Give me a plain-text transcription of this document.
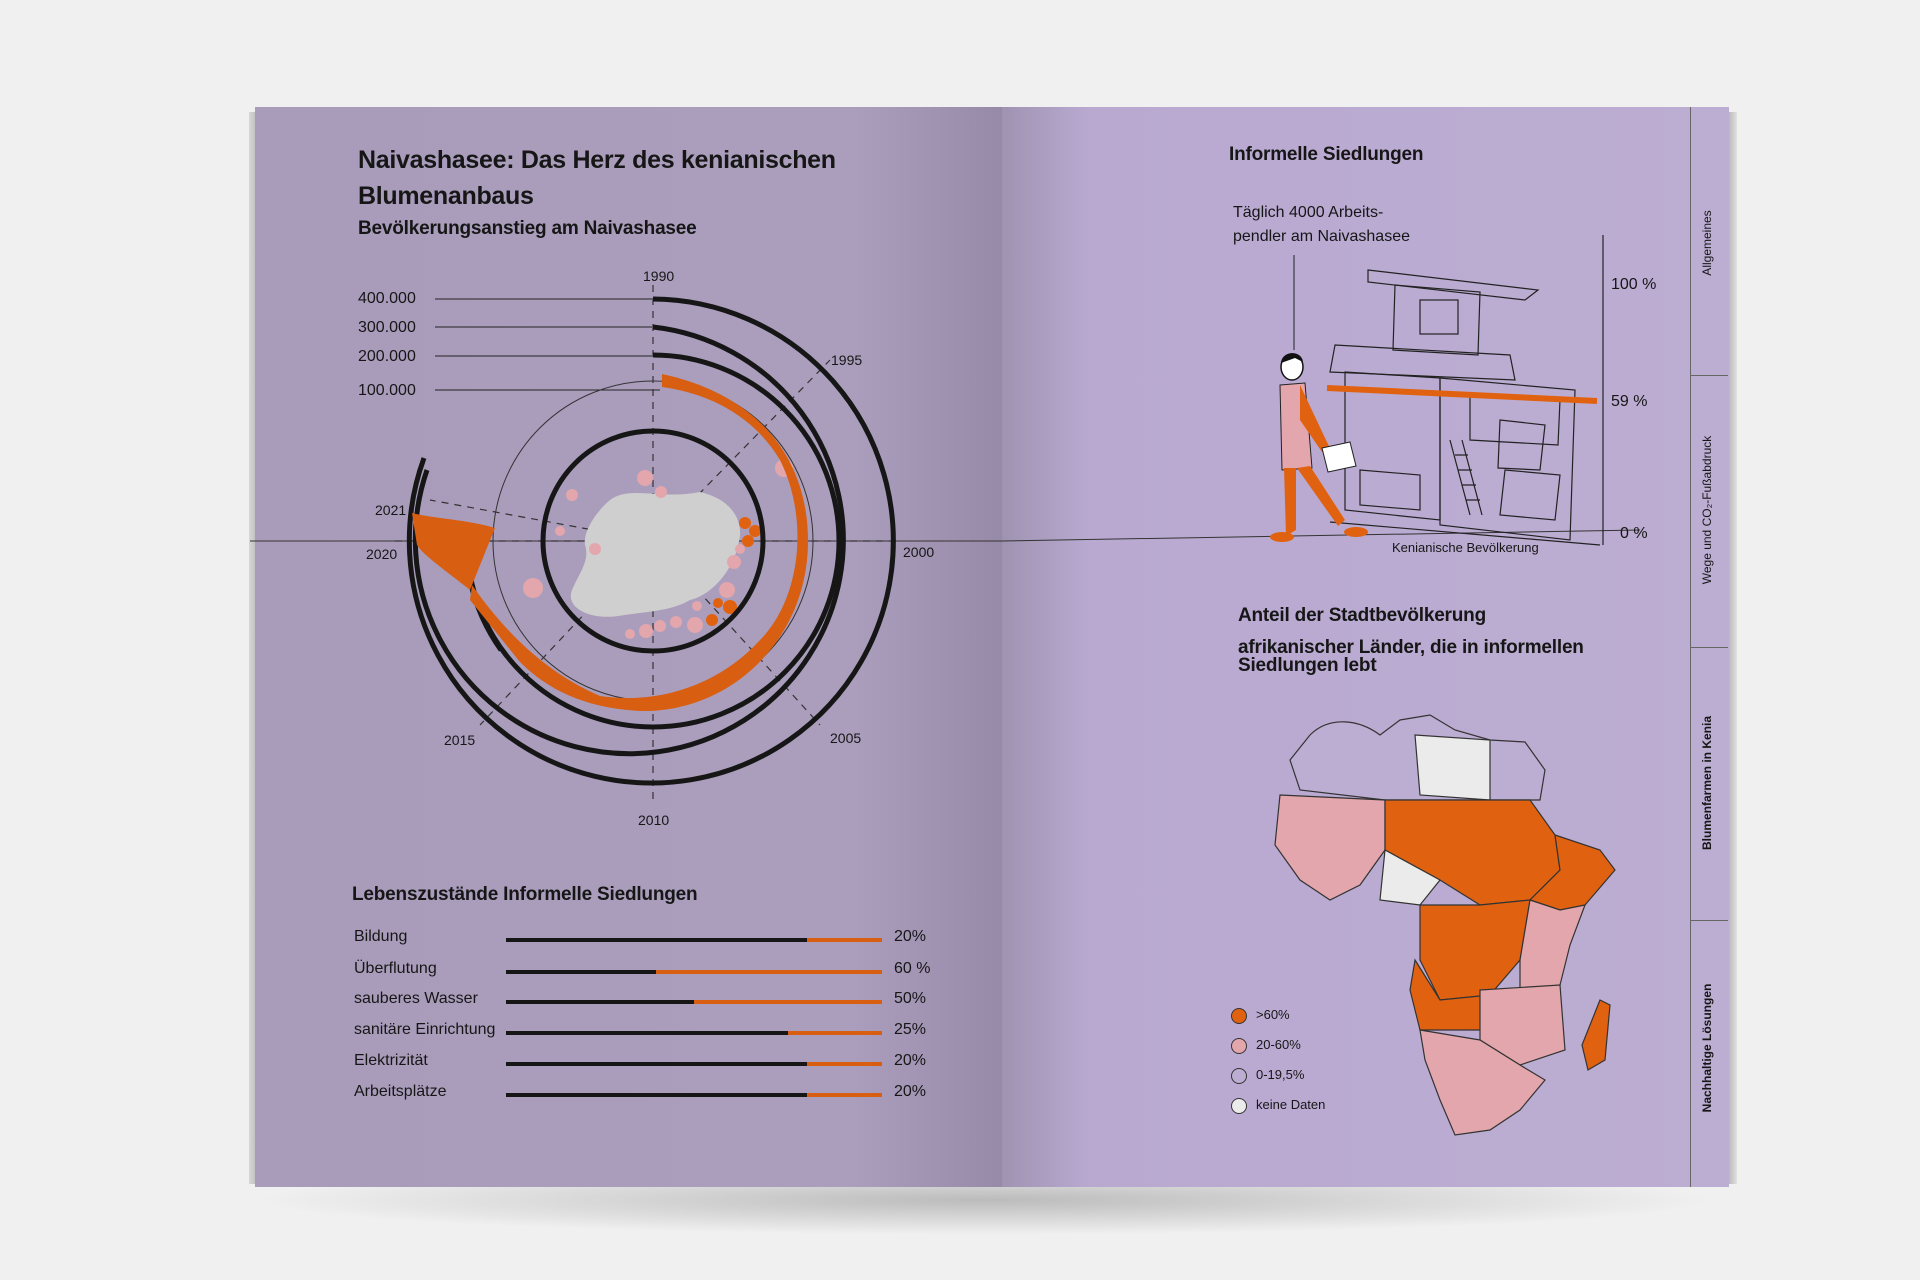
Naivashasee: Das Herz des kenianischen
Blumenanbaus
Bevölkerungsanstieg am Naivashasee
400.000
300.000
200.000
100.000
1990
1995
2000
2005
2010
2015
2020
2021
Lebenszustände Informelle Siedlungen
Bildung	20%
Überflutung	60 %
sauberes Wasser	50%
sanitäre Einrichtung	25%
Elektrizität	20%
Arbeitsplätze	20%
Informelle Siedlungen
Täglich 4000 Arbeits-
pendler am Naivashasee
100 %
59 %
0 %
Kenianische Bevölkerung
Anteil der Stadtbevölkerung
afrikanischer Länder, die in informellen
Siedlungen lebt
>60%
20-60%
0-19,5%
keine Daten
Allgemeines
Wege und CO₂-Fußabdruck
Blumenfarmen in Kenia
Nachhaltige Lösungen
